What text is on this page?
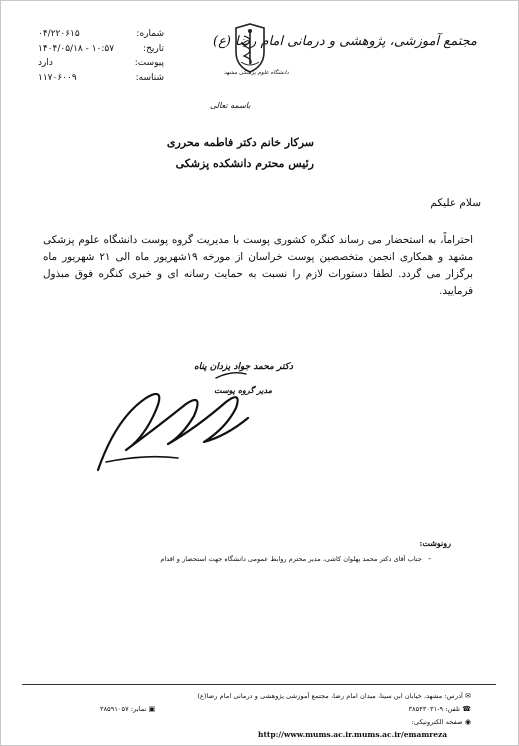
مجتمع آموزشی، پژوهشی و درمانی امام رضا (ع)
شماره:
۰۴/۲۲۰۶۱۵
تاریخ:
۱۴۰۴/۰۵/۱۸ - ۱۰:۵۷
پیوست:
دارد
شناسه:
۱۱۷۰۶۰۰۹	دانشگاه علوم پزشکی مشهد
باسمه تعالی
سرکار خانم دکتر فاطمه محرری
رئیس محترم دانشکده پزشکی
سلام علیکم
احتراماً، به استحضار می رساند کنگره کشوری پوست با مدیریت گروه پوست دانشگاه علوم پزشکی مشهد و همکاری انجمن متخصصین پوست خراسان از مورخه ۱۹شهریور ماه الی ۲۱ شهریور ماه برگزار می گردد. لطفا دستورات لازم را نسبت به حمایت رسانه ای و خبری کنگره فوق مبذول فرمایید.
دکتر محمد جواد یزدان پناه
مدیر گروه پوست
رونوشت:
-
جناب آقای دکتر محمد پهلوان کاشی، مدیر محترم روابط عمومی دانشگاه جهت استحضار و اقدام
✉ آدرس: مشهد، خیابان ابن سینا، میدان امام رضا، مجتمع آموزشی پژوهشی و درمانی امام رضا(ع)
☎ تلفن: ۹-۳۸۵۴۳۰۳۱
▣ نمابر: ۳۸۵۹۱۰۵۷
◉ صفحه الکترونیکی:
http://www.mums.ac.ir.mums.ac.ir/emamreza
